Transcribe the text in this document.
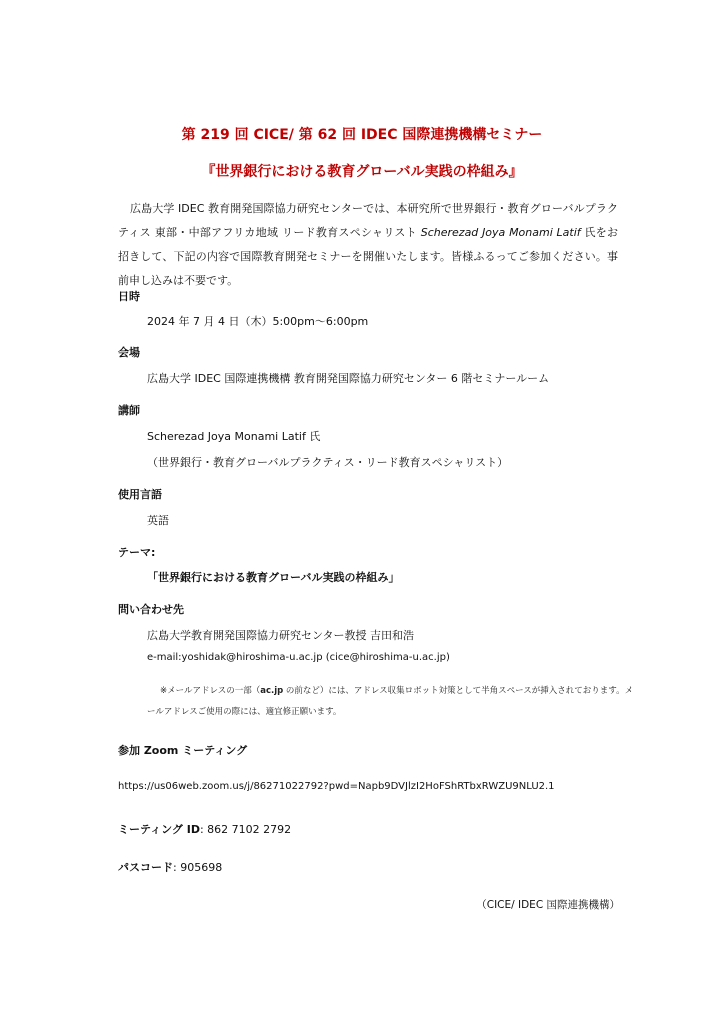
第 219 回 CICE/ 第 62 回 IDEC 国際連携機構セミナー
『世界銀行における教育グローバル実践の枠組み』
広島大学 IDEC 教育開発国際協力研究センターでは、本研究所で世界銀行・教育グローバルプラクティス 東部・中部アフリカ地域 リード教育スペシャリスト Scherezad Joya Monami Latif 氏をお招きして、下記の内容で国際教育開発セミナーを開催いたします。皆様ふるってご参加ください。事前申し込みは不要です。
日時
2024 年 7 月 4 日（木）5:00pm～6:00pm
会場
広島大学 IDEC 国際連携機構 教育開発国際協力研究センター 6 階セミナールーム
講師
Scherezad Joya Monami Latif 氏
（世界銀行・教育グローバルプラクティス・リード教育スペシャリスト）
使用言語
英語
テーマ:
「世界銀行における教育グローバル実践の枠組み」
問い合わせ先
広島大学教育開発国際協力研究センター教授 吉田和浩
e-mail:yoshidak@hiroshima-u.ac.jp (cice@hiroshima-u.ac.jp)
※メールアドレスの一部（ac.jp の前など）には、アドレス収集ロボット対策として半角スペースが挿入されております。メ
ールアドレスご使用の際には、適宜修正願います。
参加 Zoom ミーティング
https://us06web.zoom.us/j/86271022792?pwd=Napb9DVJlzI2HoFShRTbxRWZU9NLU2.1
ミーティング ID: 862 7102 2792
パスコード: 905698
（CICE/ IDEC 国際連携機構）
